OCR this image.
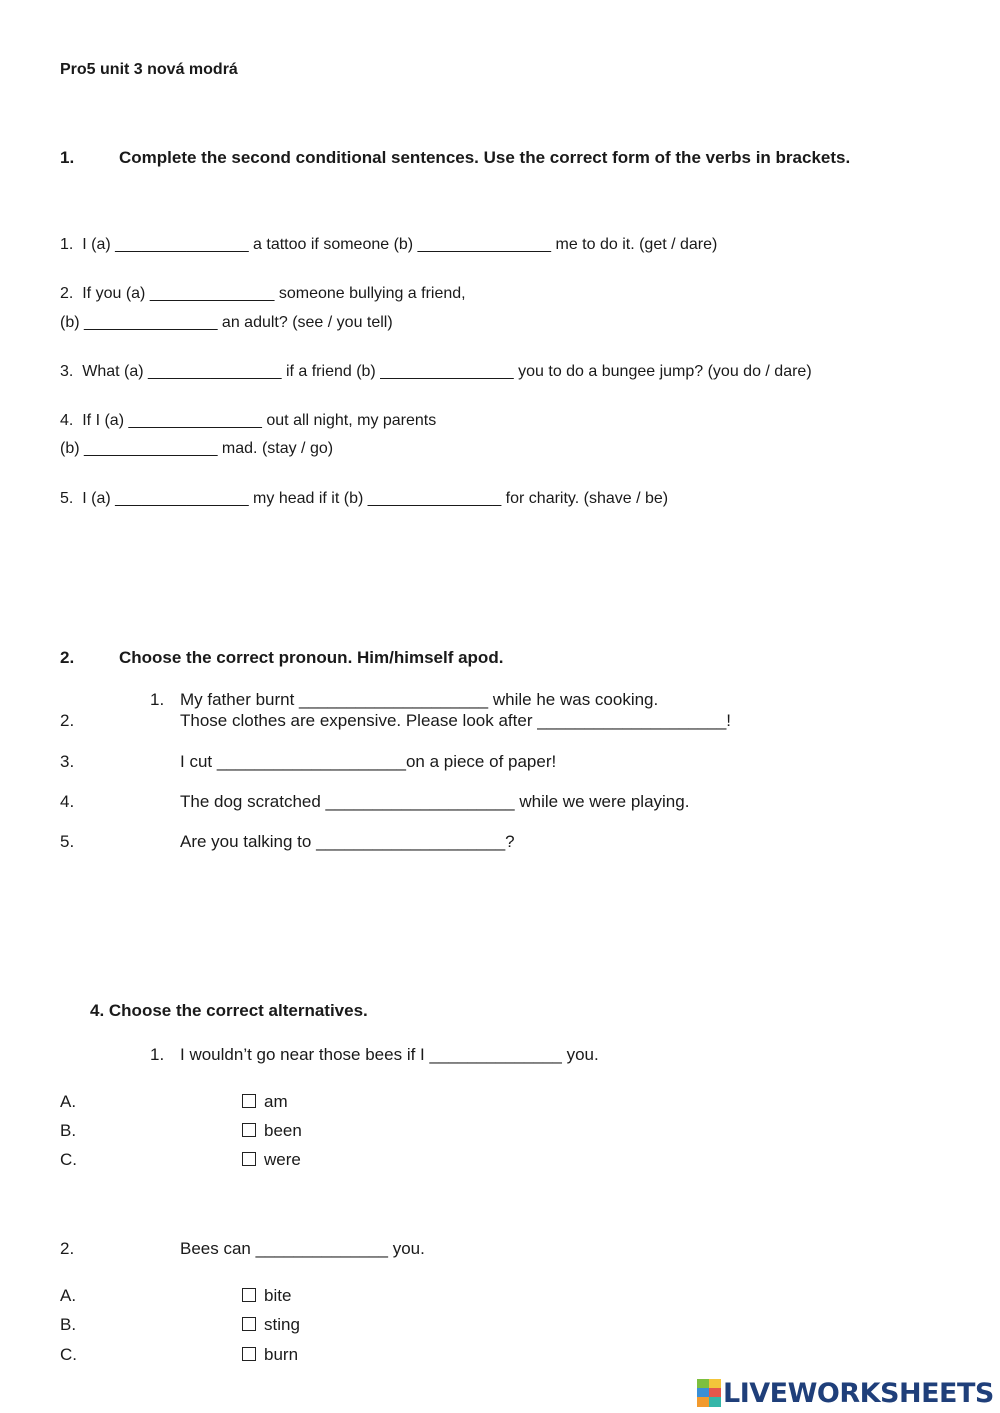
Pro5 unit 3 nová modrá
1.	Complete the second conditional sentences. Use the correct form of the verbs in brackets.
1.  I (a) _______________ a tattoo if someone (b) _______________ me to do it. (get / dare)
2.  If you (a) ______________ someone bullying a friend,
(b) _______________ an adult? (see / you tell)
3.  What (a) _______________ if a friend (b) _______________ you to do a bungee jump? (you do / dare)
4.  If I (a) _______________ out all night, my parents
(b) _______________ mad. (stay / go)
5.  I (a) _______________ my head if it (b) _______________ for charity. (shave / be)
2.	Choose the correct pronoun. Him/himself apod.
1. My father burnt ____________________ while he was cooking.
2.	Those clothes are expensive. Please look after ____________________!
3.	I cut ____________________on a piece of paper!
4.	The dog scratched ____________________ while we were playing.
5.	Are you talking to ____________________?
4. Choose the correct alternatives.
1. I wouldn’t go near those bees if I ______________ you.
A.	am
B.	been
C.	were
2.	Bees can ______________ you.
A.	bite
B.	sting
C.	burn
LIVEWORKSHEETS
